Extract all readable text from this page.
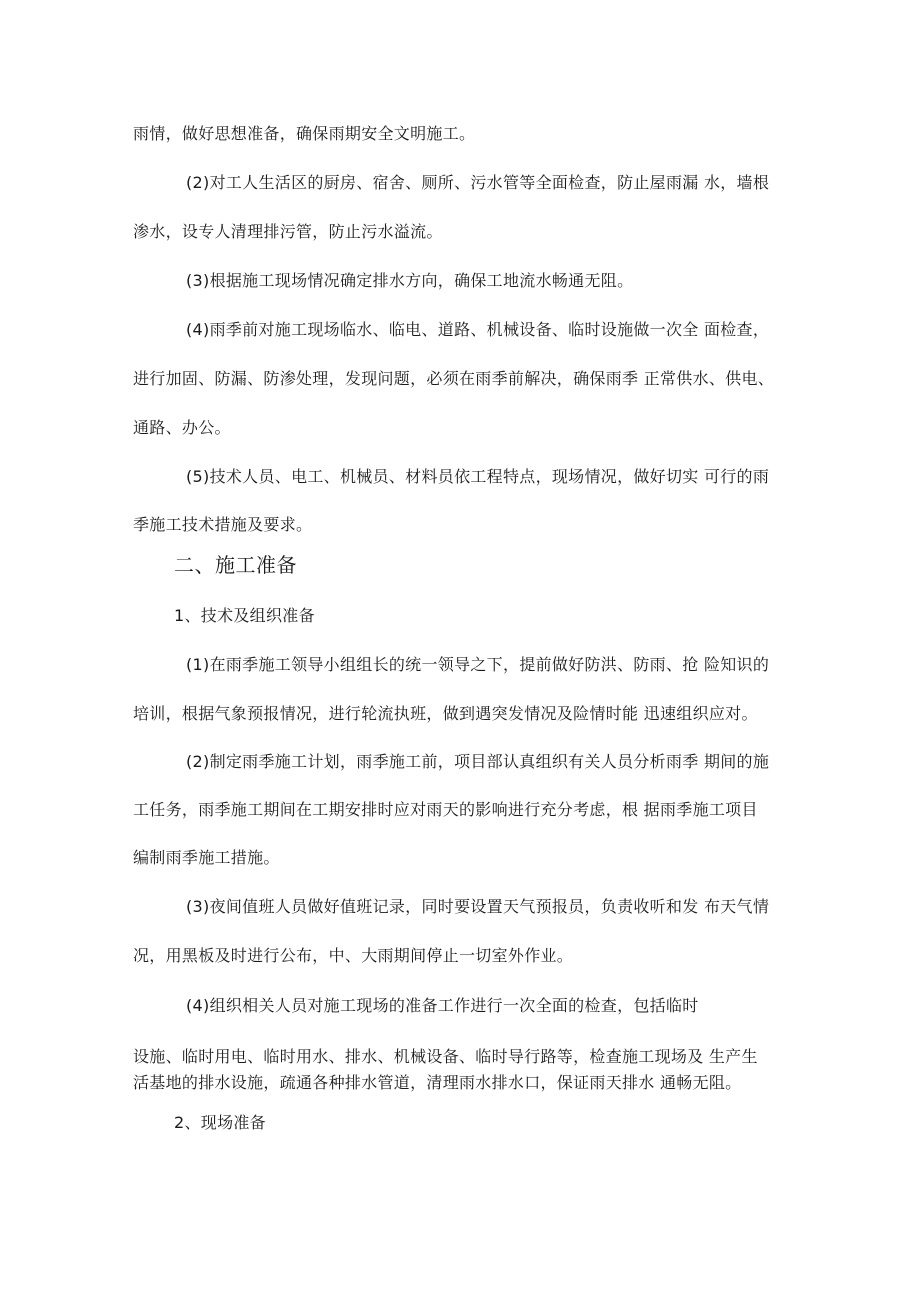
雨情，做好思想准备，确保雨期安全文明施工。
(2)对工人生活区的厨房、宿舍、厕所、污水管等全面检查，防止屋雨漏 水，墙根
渗水，设专人清理排污管，防止污水溢流。
(3)根据施工现场情况确定排水方向，确保工地流水畅通无阻。
(4)雨季前对施工现场临水、临电、道路、机械设备、临时设施做一次全 面检查，
进行加固、防漏、防渗处理，发现问题，必须在雨季前解决，确保雨季 正常供水、供电、
通路、办公。
(5)技术人员、电工、机械员、材料员依工程特点，现场情况，做好切实 可行的雨
季施工技术措施及要求。
二、施工准备
1、技术及组织准备
(1)在雨季施工领导小组组长的统一领导之下，提前做好防洪、防雨、抢 险知识的
培训，根据气象预报情况，进行轮流执班，做到遇突发情况及险情时能 迅速组织应对。
(2)制定雨季施工计划，雨季施工前，项目部认真组织有关人员分析雨季 期间的施
工任务，雨季施工期间在工期安排时应对雨天的影响进行充分考虑，根 据雨季施工项目
编制雨季施工措施。
(3)夜间值班人员做好值班记录，同时要设置天气预报员，负责收听和发 布天气情
况，用黑板及时进行公布，中、大雨期间停止一切室外作业。
(4)组织相关人员对施工现场的准备工作进行一次全面的检查，包括临时
设施、临时用电、临时用水、排水、机械设备、临时导行路等，检查施工现场及 生产生
活基地的排水设施，疏通各种排水管道，清理雨水排水口，保证雨天排水 通畅无阻。
2、现场准备
